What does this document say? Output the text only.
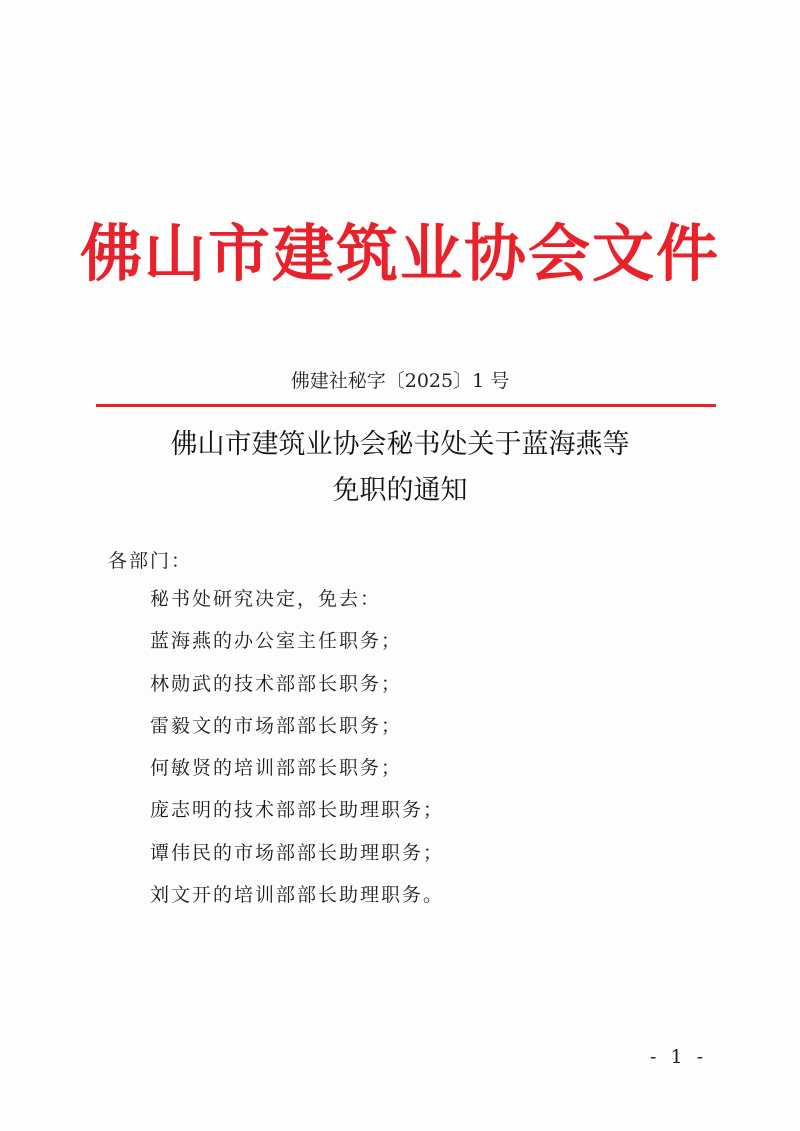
佛山市建筑业协会文件
佛建社秘字〔2025〕1 号
佛山市建筑业协会秘书处关于蓝海燕等
免职的通知
各部门：
秘书处研究决定，免去：
蓝海燕的办公室主任职务；
林勋武的技术部部长职务；
雷毅文的市场部部长职务；
何敏贤的培训部部长职务；
庞志明的技术部部长助理职务；
谭伟民的市场部部长助理职务；
刘文开的培训部部长助理职务。
- 1 -
